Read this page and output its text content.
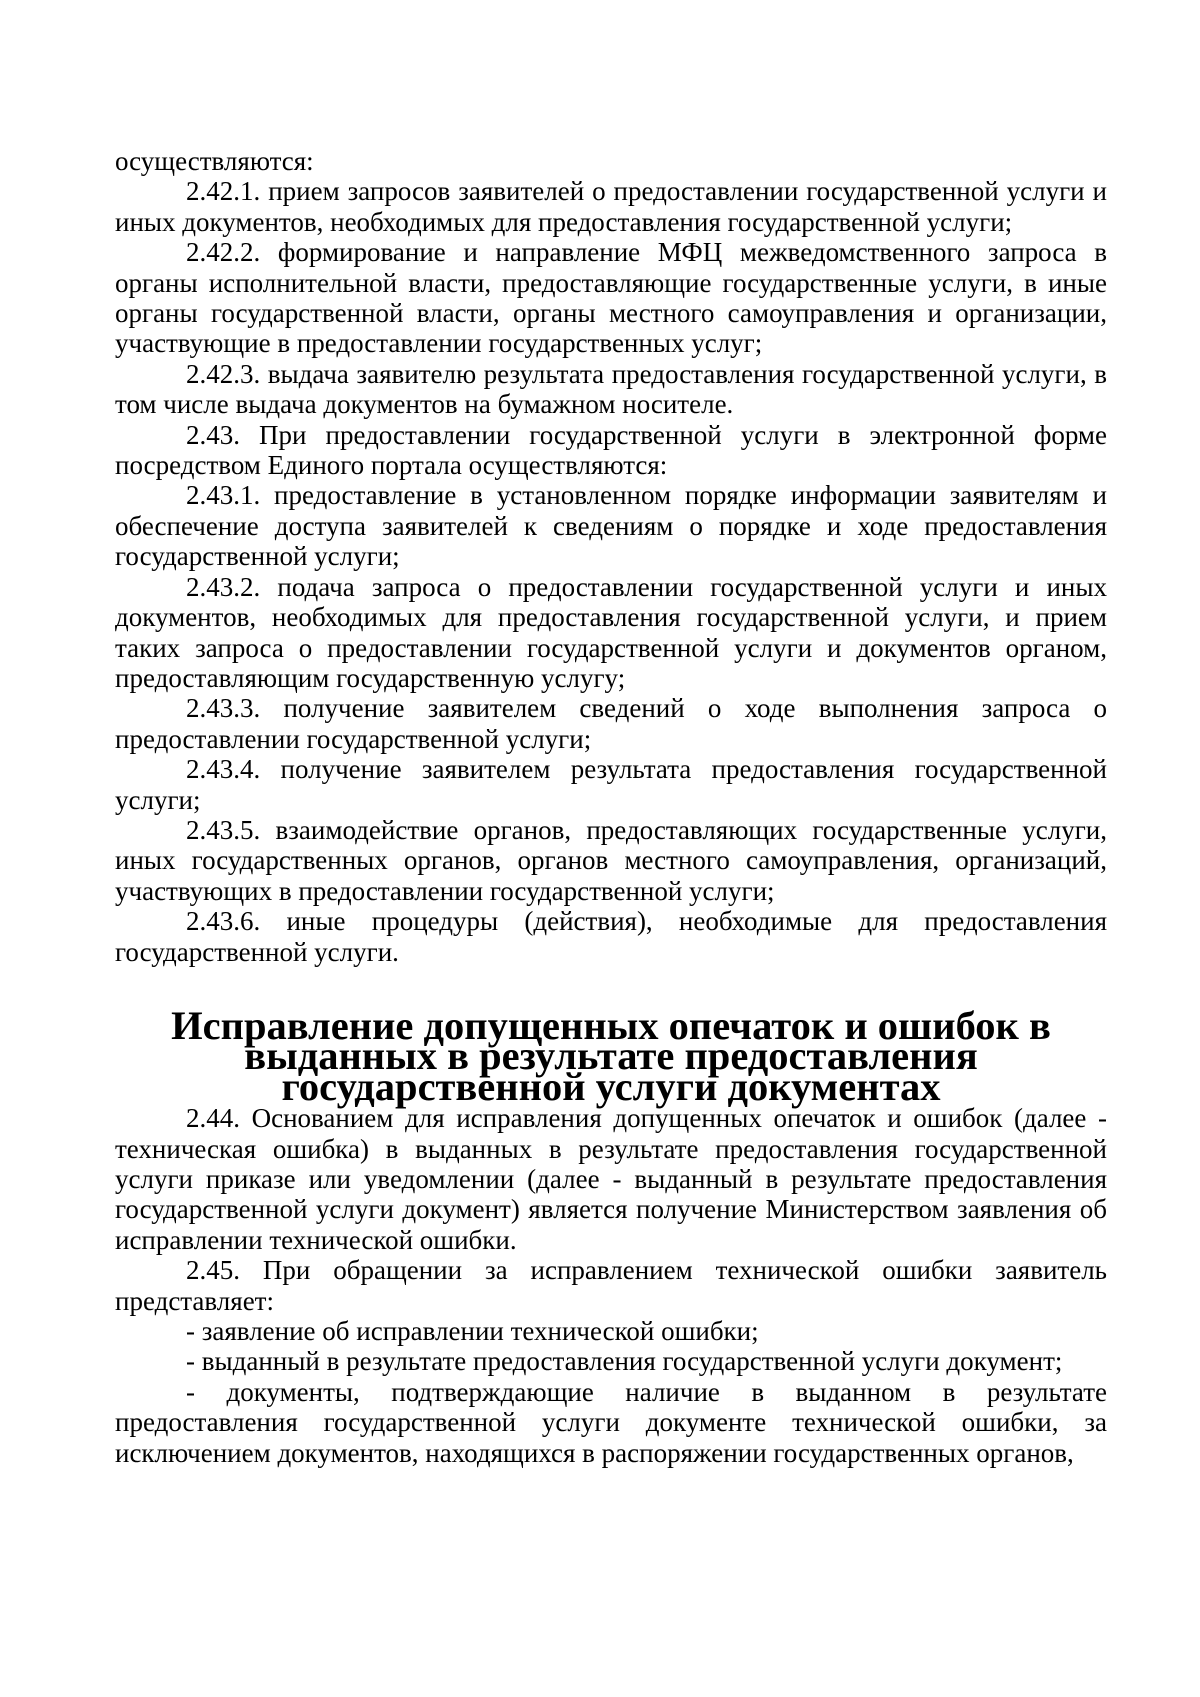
осуществляются:

2.42.1. прием запросов заявителей о предоставлении государственной услуги и иных документов, необходимых для предоставления государственной услуги;

2.42.2. формирование и направление МФЦ межведомственного запроса в органы исполнительной власти, предоставляющие государственные услуги, в иные органы государственной власти, органы местного самоуправления и организации, участвующие в предоставлении государственных услуг;

2.42.3. выдача заявителю результата предоставления государственной услуги, в том числе выдача документов на бумажном носителе.

2.43. При предоставлении государственной услуги в электронной форме посредством Единого портала осуществляются:

2.43.1. предоставление в установленном порядке информации заявителям и обеспечение доступа заявителей к сведениям о порядке и ходе предоставления государственной услуги;

2.43.2. подача запроса о предоставлении государственной услуги и иных документов, необходимых для предоставления государственной услуги, и прием таких запроса о предоставлении государственной услуги и документов органом, предоставляющим государственную услугу;

2.43.3. получение заявителем сведений о ходе выполнения запроса о предоставлении государственной услуги;

2.43.4. получение заявителем результата предоставления государственной услуги;

2.43.5. взаимодействие органов, предоставляющих государственные услуги, иных государственных органов, органов местного самоуправления, организаций, участвующих в предоставлении государственной услуги;

2.43.6. иные процедуры (действия), необходимые для предоставления государственной услуги.

Исправление допущенных опечаток и ошибок в выданных в результате предоставления государственной услуги документах

2.44. Основанием для исправления допущенных опечаток и ошибок (далее - техническая ошибка) в выданных в результате предоставления государственной услуги приказе или уведомлении (далее - выданный в результате предоставления государственной услуги документ) является получение Министерством заявления об исправлении технической ошибки.

2.45. При обращении за исправлением технической ошибки заявитель представляет:

- заявление об исправлении технической ошибки;

- выданный в результате предоставления государственной услуги документ;

- документы, подтверждающие наличие в выданном в результате предоставления государственной услуги документе технической ошибки, за исключением документов, находящихся в распоряжении государственных органов,
